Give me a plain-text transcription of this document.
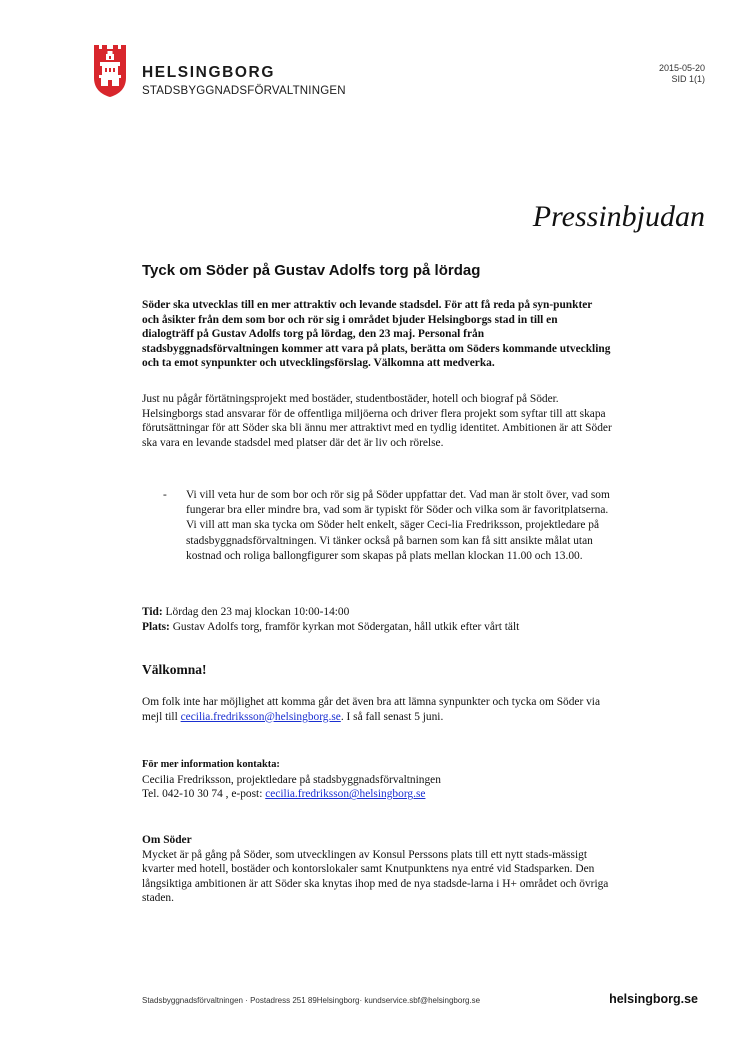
HELSINGBORG
STADSBYGGNADSFÖRVALTNINGEN
2015-05-20
SID 1(1)
Pressinbjudan
Tyck om Söder på Gustav Adolfs torg på lördag

Söder ska utvecklas till en mer attraktiv och levande stadsdel. För att få reda på syn-punkter och åsikter från dem som bor och rör sig i området bjuder Helsingborgs stad in till en dialogträff på Gustav Adolfs torg på lördag, den 23 maj. Personal från stadsbyggnadsförvaltningen kommer att vara på plats, berätta om Söders kommande utveckling och ta emot synpunkter och utvecklingsförslag. Välkomna att medverka.

Just nu pågår förtätningsprojekt med bostäder, studentbostäder, hotell och biograf på Söder. Helsingborgs stad ansvarar för de offentliga miljöerna och driver flera projekt som syftar till att skapa förutsättningar för att Söder ska bli ännu mer attraktivt med en tydlig identitet. Ambitionen är att Söder ska vara en levande stadsdel med platser där det är liv och rörelse.

- Vi vill veta hur de som bor och rör sig på Söder uppfattar det. Vad man är stolt över, vad som fungerar bra eller mindre bra, vad som är typiskt för Söder och vilka som är favoritplatserna. Vi vill att man ska tycka om Söder helt enkelt, säger Ceci-lia Fredriksson, projektledare på stadsbyggnadsförvaltningen. Vi tänker också på barnen som kan få sitt ansikte målat utan kostnad och roliga ballongfigurer som skapas på plats mellan klockan 11.00 och 13.00.
Tid: Lördag den 23 maj klockan 10:00-14:00
Plats: Gustav Adolfs torg, framför kyrkan mot Södergatan, håll utkik efter vårt tält
Välkomna!

Om folk inte har möjlighet att komma går det även bra att lämna synpunkter och tycka om Söder via mejl till cecilia.fredriksson@helsingborg.se. I så fall senast 5 juni.

För mer information kontakta:
Cecilia Fredriksson, projektledare på stadsbyggnadsförvaltningen
Tel. 042-10 30 74 , e-post: cecilia.fredriksson@helsingborg.se
Om Söder
Mycket är på gång på Söder, som utvecklingen av Konsul Perssons plats till ett nytt stads-mässigt kvarter med hotell, bostäder och kontorslokaler samt Knutpunktens nya entré vid Stadsparken. Den långsiktiga ambitionen är att Söder ska knytas ihop med de nya stadsde-larna i H+ området och övriga staden.
Stadsbyggnadsförvaltningen · Postadress 251 89Helsingborg· kundservice.sbf@helsingborg.se	helsingborg.se
